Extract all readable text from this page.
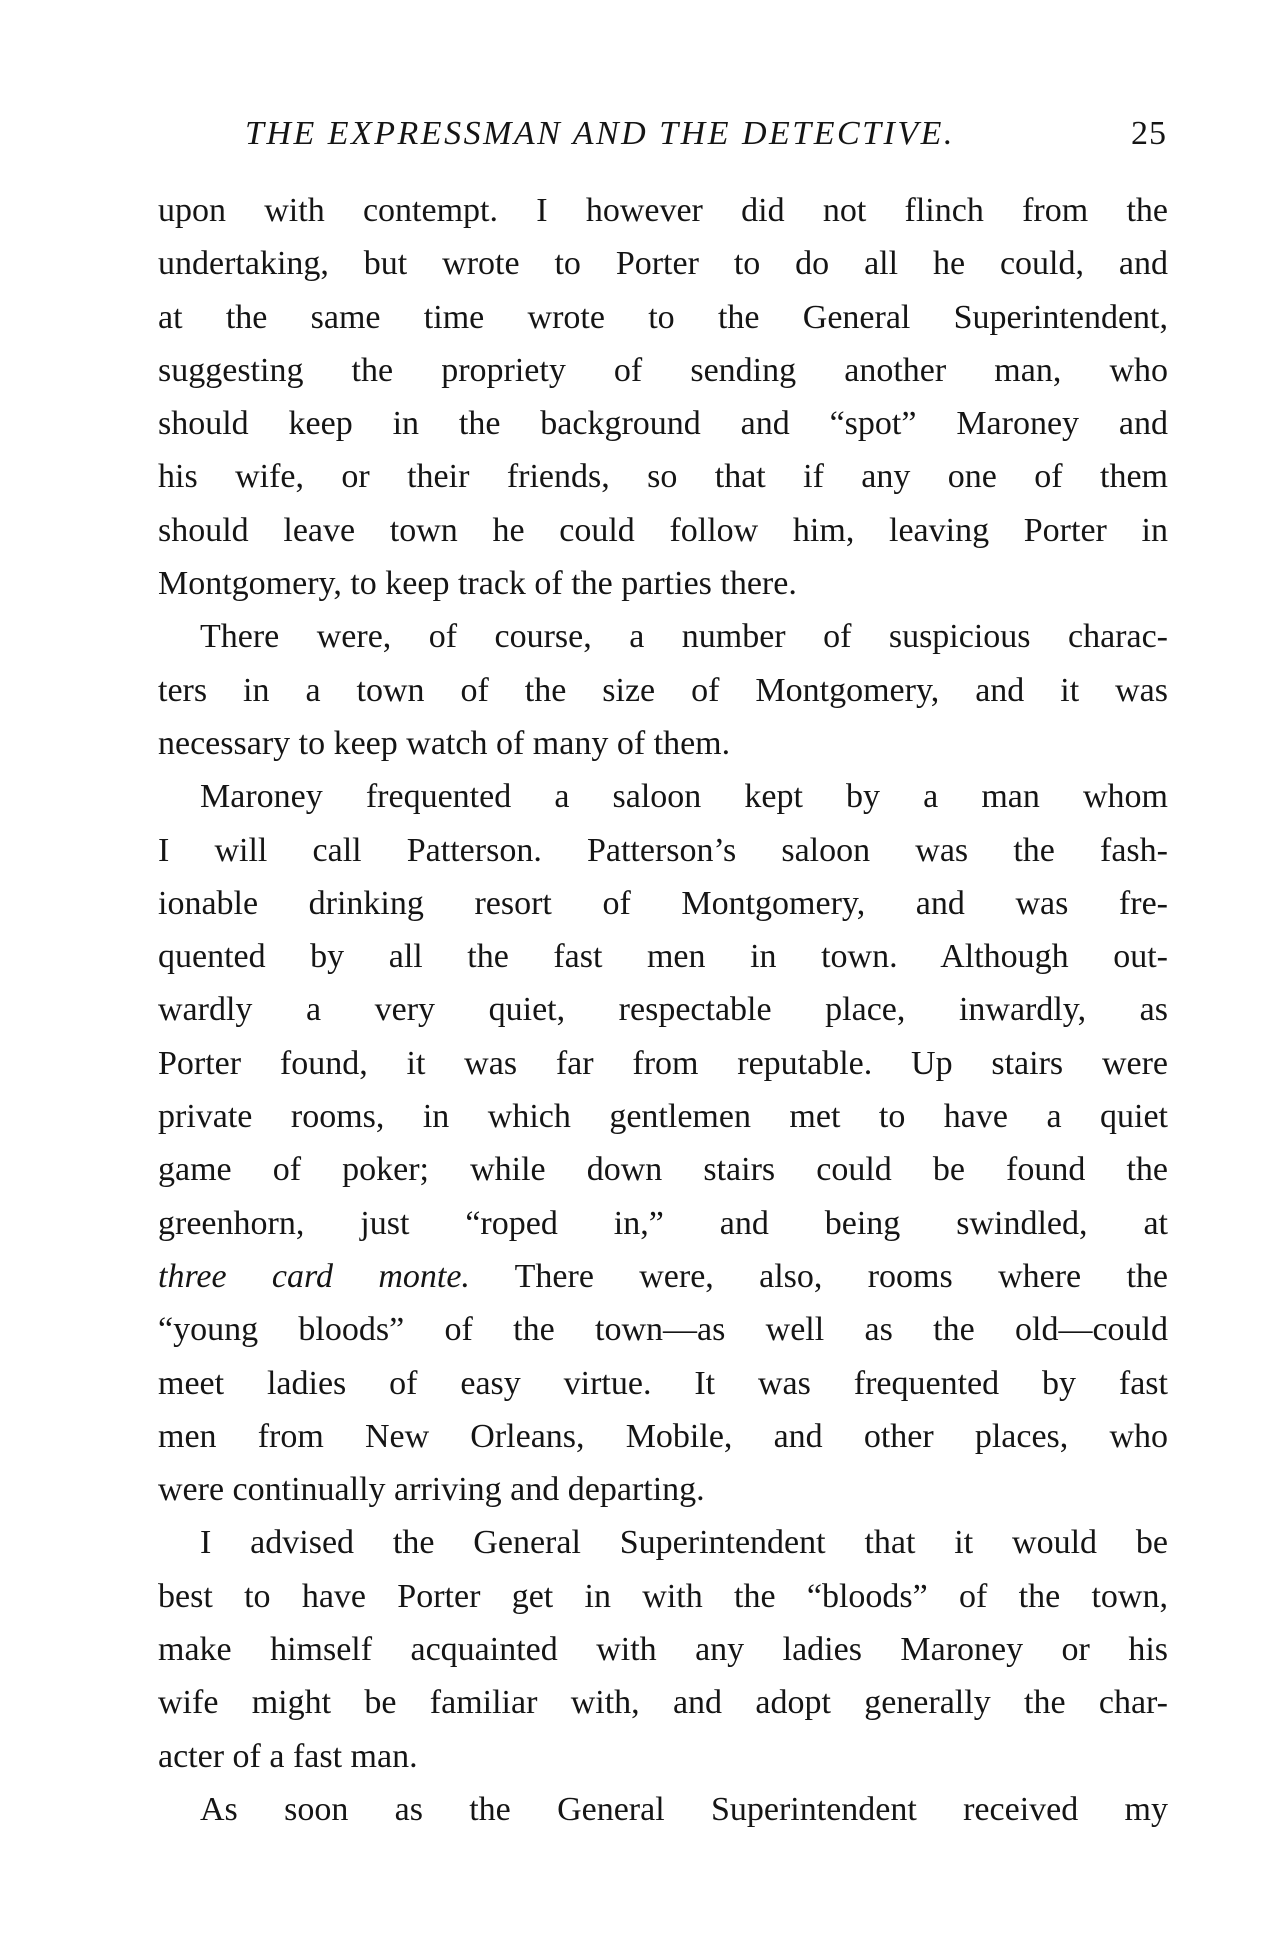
THE EXPRESSMAN AND THE DETECTIVE.	25
upon with contempt. I however did not flinch from the
undertaking, but wrote to Porter to do all he could, and
at the same time wrote to the General Superintendent,
suggesting the propriety of sending another man, who
should keep in the background and “spot” Maroney and
his wife, or their friends, so that if any one of them
should leave town he could follow him, leaving Porter in
Montgomery, to keep track of the parties there.
There were, of course, a number of suspicious charac-
ters in a town of the size of Montgomery, and it was
necessary to keep watch of many of them.
Maroney frequented a saloon kept by a man whom
I will call Patterson. Patterson’s saloon was the fash-
ionable drinking resort of Montgomery, and was fre-
quented by all the fast men in town. Although out-
wardly a very quiet, respectable place, inwardly, as
Porter found, it was far from reputable. Up stairs were
private rooms, in which gentlemen met to have a quiet
game of poker; while down stairs could be found the
greenhorn, just “roped in,” and being swindled, at
three card monte. There were, also, rooms where the
“young bloods” of the town—as well as the old—could
meet ladies of easy virtue. It was frequented by fast
men from New Orleans, Mobile, and other places, who
were continually arriving and departing.
I advised the General Superintendent that it would be
best to have Porter get in with the “bloods” of the town,
make himself acquainted with any ladies Maroney or his
wife might be familiar with, and adopt generally the char-
acter of a fast man.
As soon as the General Superintendent received my
